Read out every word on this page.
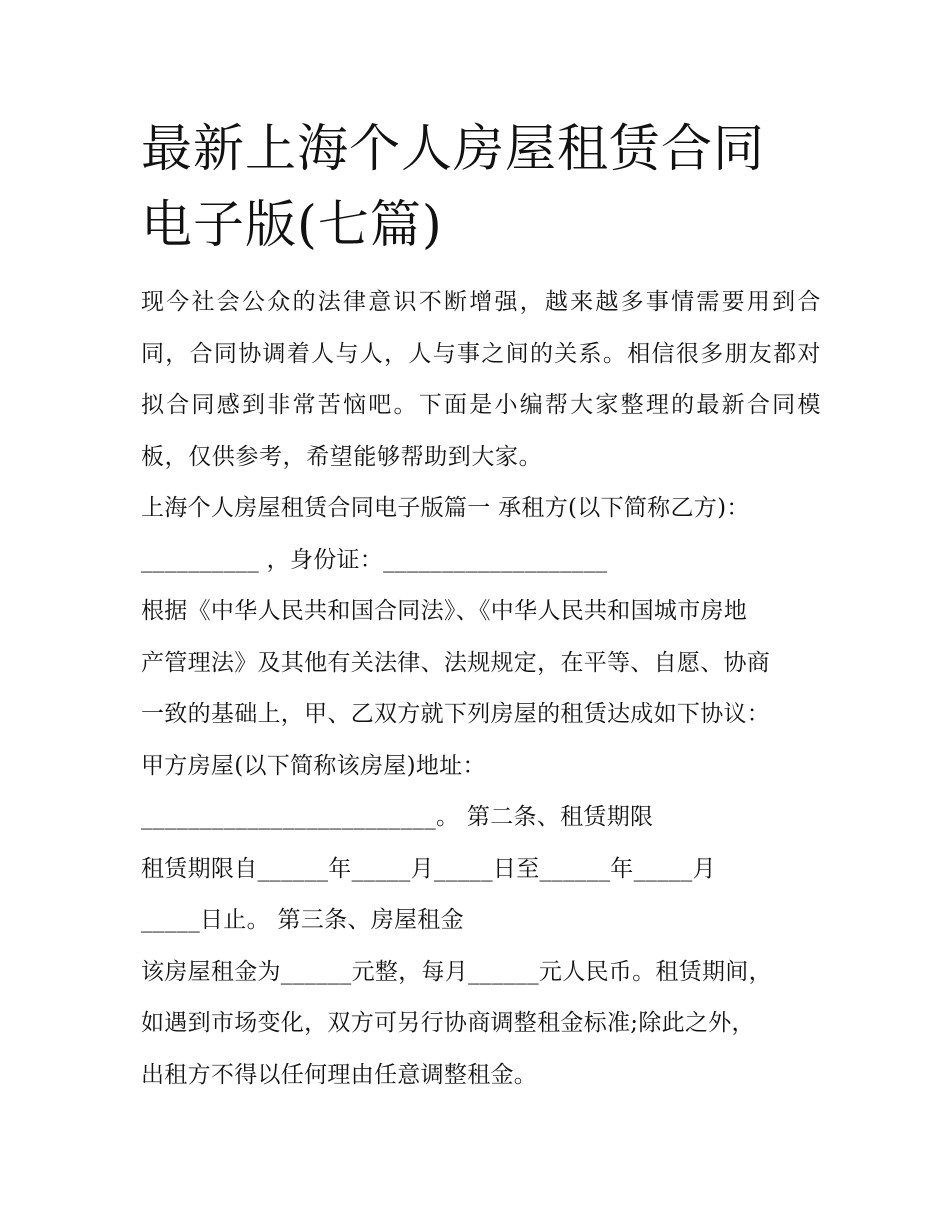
最新上海个人房屋租赁合同电子版(七篇)

现今社会公众的法律意识不断增强，越来越多事情需要用到合同，合同协调着人与人，人与事之间的关系。相信很多朋友都对拟合同感到非常苦恼吧。下面是小编帮大家整理的最新合同模板，仅供参考，希望能够帮助到大家。

上海个人房屋租赁合同电子版篇一 承租方(以下简称乙方)：

__________ ，身份证：___________________

根据《中华人民共和国合同法》、《中华人民共和国城市房地

产管理法》及其他有关法律、法规规定，在平等、自愿、协商

一致的基础上，甲、乙双方就下列房屋的租赁达成如下协议：

甲方房屋(以下简称该房屋)地址：

_________________________。 第二条、租赁期限

租赁期限自______年_____月_____日至______年_____月

_____日止。 第三条、房屋租金

该房屋租金为______元整，每月______元人民币。租赁期间，

如遇到市场变化，双方可另行协商调整租金标准;除此之外，

出租方不得以任何理由任意调整租金。
